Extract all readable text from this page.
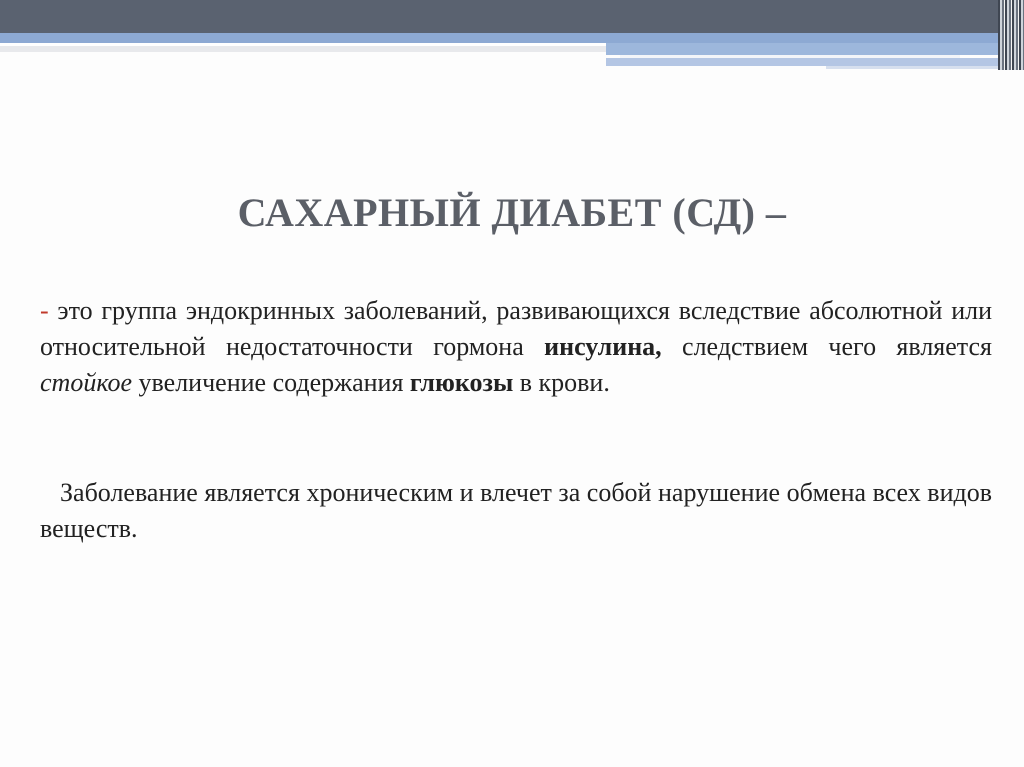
САХАРНЫЙ ДИАБЕТ (СД) –
- это группа эндокринных заболеваний, развивающихся вследствие абсолютной или относительной недостаточности гормона инсулина, следствием чего является стойкое увеличение содержания глюкозы в крови.
Заболевание является хроническим и влечет за собой нарушение обмена всех видов веществ.
